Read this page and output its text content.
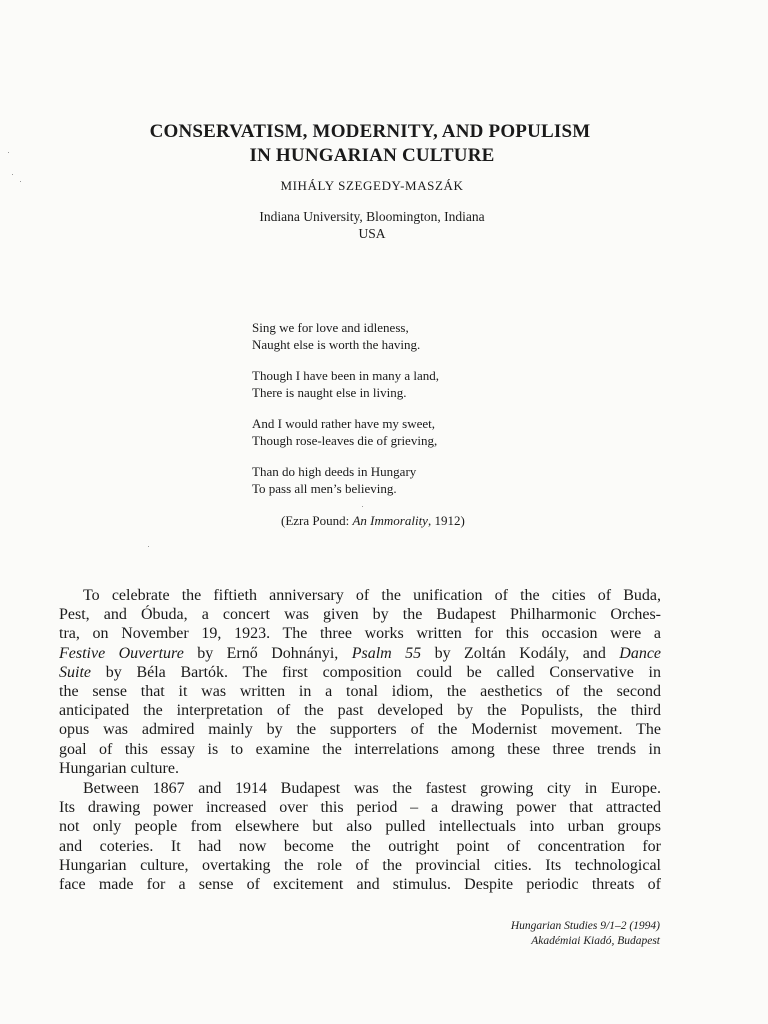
CONSERVATISM, MODERNITY, AND POPULISM
IN HUNGARIAN CULTURE
MIHÁLY SZEGEDY-MASZÁK
Indiana University, Bloomington, Indiana
USA
Sing we for love and idleness,
Naught else is worth the having.
Though I have been in many a land,
There is naught else in living.
And I would rather have my sweet,
Though rose-leaves die of grieving,
Than do high deeds in Hungary
To pass all men’s believing.
(Ezra Pound: An Immorality, 1912)
To celebrate the fiftieth anniversary of the unification of the cities of Buda,
Pest, and Óbuda, a concert was given by the Budapest Philharmonic Orches-
tra, on November 19, 1923. The three works written for this occasion were a
Festive Ouverture by Ernő Dohnányi, Psalm 55 by Zoltán Kodály, and Dance
Suite by Béla Bartók. The first composition could be called Conservative in
the sense that it was written in a tonal idiom, the aesthetics of the second
anticipated the interpretation of the past developed by the Populists, the third
opus was admired mainly by the supporters of the Modernist movement. The
goal of this essay is to examine the interrelations among these three trends in
Hungarian culture.
Between 1867 and 1914 Budapest was the fastest growing city in Europe.
Its drawing power increased over this period – a drawing power that attracted
not only people from elsewhere but also pulled intellectuals into urban groups
and coteries. It had now become the outright point of concentration for
Hungarian culture, overtaking the role of the provincial cities. Its technological
face made for a sense of excitement and stimulus. Despite periodic threats of
Hungarian Studies 9/1–2 (1994)
Akadémiai Kiadó, Budapest
